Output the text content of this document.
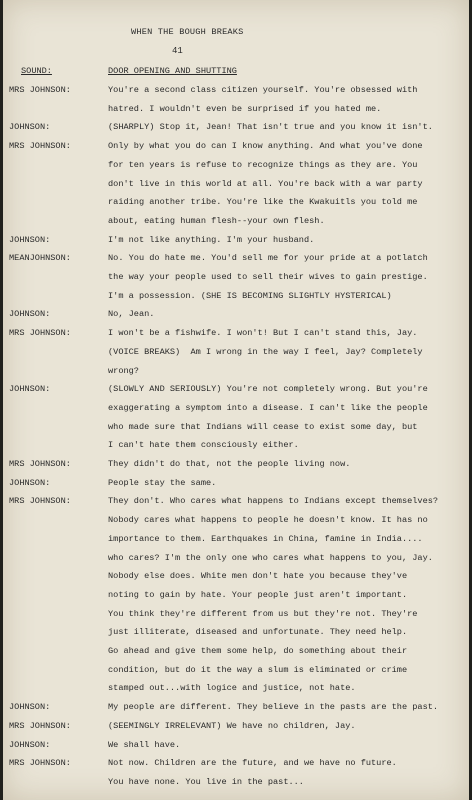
WHEN THE BOUGH BREAKS
41
SOUND:	DOOR OPENING AND SHUTTING
MRS JOHNSON:	You're a second class citizen yourself. You're obsessed with
hatred. I wouldn't even be surprised if you hated me.
JOHNSON:	(SHARPLY) Stop it, Jean! That isn't true and you know it isn't.
MRS JOHNSON:	Only by what you do can I know anything. And what you've done
for ten years is refuse to recognize things as they are. You
don't live in this world at all. You're back with a war party
raiding another tribe. You're like the Kwakuitls you told me
about, eating human flesh--your own flesh.
JOHNSON:	I'm not like anything. I'm your husband.
MEANJOHNSON:	No. You do hate me. You'd sell me for your pride at a potlatch
the way your people used to sell their wives to gain prestige.
I'm a possession. (SHE IS BECOMING SLIGHTLY HYSTERICAL)
JOHNSON:	No, Jean.
MRS JOHNSON:	I won't be a fishwife. I won't! But I can't stand this, Jay.
(VOICE BREAKS)  Am I wrong in the way I feel, Jay? Completely
wrong?
JOHNSON:	(SLOWLY AND SERIOUSLY) You're not completely wrong. But you're
exaggerating a symptom into a disease. I can't like the people
who made sure that Indians will cease to exist some day, but
I can't hate them consciously either.
MRS JOHNSON:	They didn't do that, not the people living now.
JOHNSON:	People stay the same.
MRS JOHNSON:	They don't. Who cares what happens to Indians except themselves?
Nobody cares what happens to people he doesn't know. It has no
importance to them. Earthquakes in China, famine in India....
who cares? I'm the only one who cares what happens to you, Jay.
Nobody else does. White men don't hate you because they've
noting to gain by hate. Your people just aren't important.
You think they're different from us but they're not. They're
just illiterate, diseased and unfortunate. They need help.
Go ahead and give them some help, do something about their
condition, but do it the way a slum is eliminated or crime
stamped out...with logice and justice, not hate.
JOHNSON:	My people are different. They believe in the pasts are the past.
MRS JOHNSON:	(SEEMINGLY IRRELEVANT) We have no children, Jay.
JOHNSON:	We shall have.
MRS JOHNSON:	Not now. Children are the future, and we have no future.
You have none. You live in the past...
